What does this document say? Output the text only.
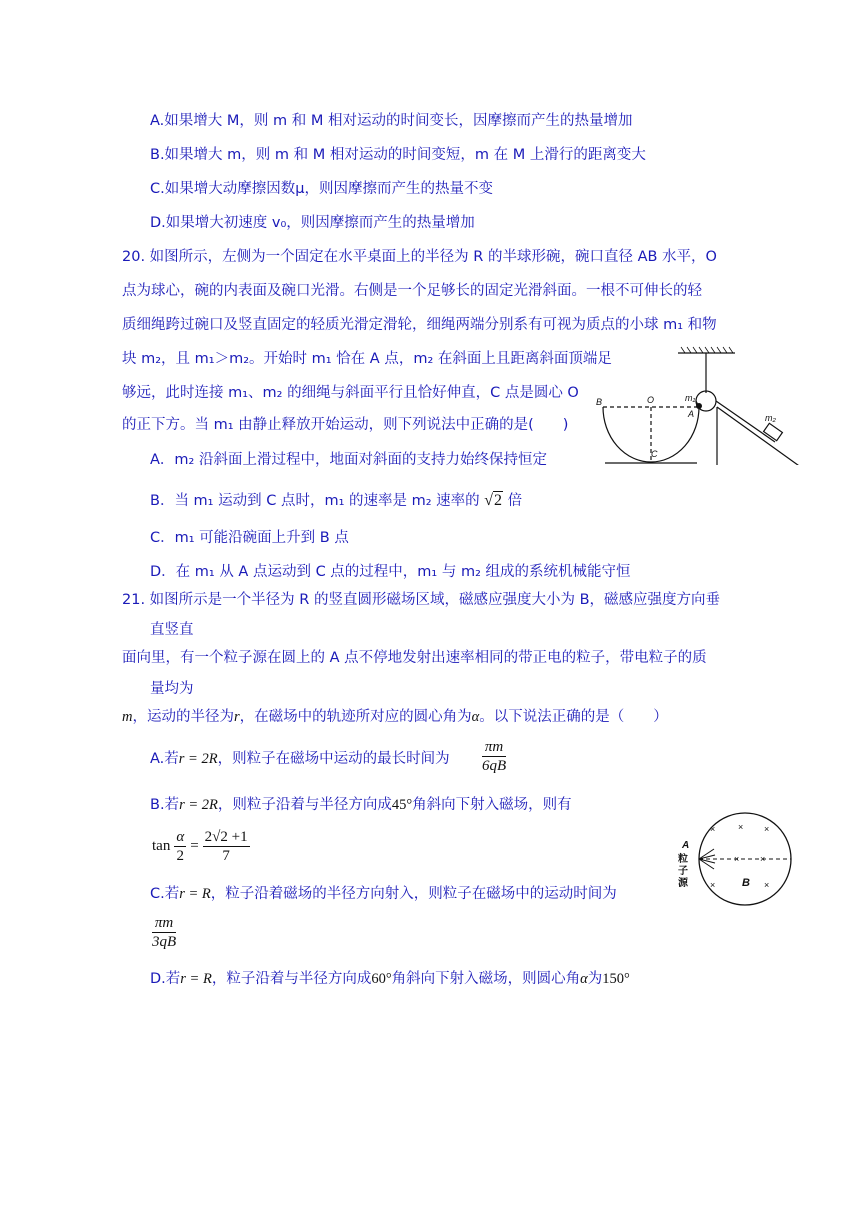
A.如果增大 M，则 m 和 M 相对运动的时间变长，因摩擦而产生的热量增加
B.如果增大 m，则 m 和 M 相对运动的时间变短，m 在 M 上滑行的距离变大
C.如果增大动摩擦因数μ，则因摩擦而产生的热量不变
D.如果增大初速度 v₀，则因摩擦而产生的热量增加
20. 如图所示，左侧为一个固定在水平桌面上的半径为 R 的半球形碗，碗口直径 AB 水平，O
点为球心，碗的内表面及碗口光滑。右侧是一个足够长的固定光滑斜面。一根不可伸长的轻
质细绳跨过碗口及竖直固定的轻质光滑定滑轮，细绳两端分别系有可视为质点的小球 m₁ 和物
块 m₂，且 m₁＞m₂。开始时 m₁ 恰在 A 点，m₂ 在斜面上且距离斜面顶端足
够远，此时连接 m₁、m₂ 的细绳与斜面平行且恰好伸直，C 点是圆心 O
的正下方。当 m₁ 由静止释放开始运动，则下列说法中正确的是(　　)
A．m₂ 沿斜面上滑过程中，地面对斜面的支持力始终保持恒定
B．当 m₁ 运动到 C 点时，m₁ 的速率是 m₂ 速率的 √2 倍
C．m₁ 可能沿碗面上升到 B 点
D．在 m₁ 从 A 点运动到 C 点的过程中，m₁ 与 m₂ 组成的系统机械能守恒
B	O	m₁
A
C
m₂
21. 如图所示是一个半径为 R 的竖直圆形磁场区域，磁感应强度大小为 B，磁感应强度方向垂
直竖直
面向里，有一个粒子源在圆上的 A 点不停地发射出速率相同的带正电的粒子，带电粒子的质
量均为
m，运动的半径为r，在磁场中的轨迹所对应的圆心角为α。以下说法正确的是（　　）
A.若r = 2R，则粒子在磁场中运动的最长时间为 $\frac{\pi m}{6qB}$
B.若r = 2R，则粒子沿着与半径方向成45°角斜向下射入磁场，则有
$\tan \frac{\alpha}{2} = \frac{2√2 +1}{7}$
C.若r = R，粒子沿着磁场的半径方向射入，则粒子在磁场中的运动时间为
$\frac{\pi m}{3qB}$
D.若r = R，粒子沿着与半径方向成60°角斜向下射入磁场，则圆心角α为150°
×	× ×
× ×
×	×
B
A
粒
子
源
